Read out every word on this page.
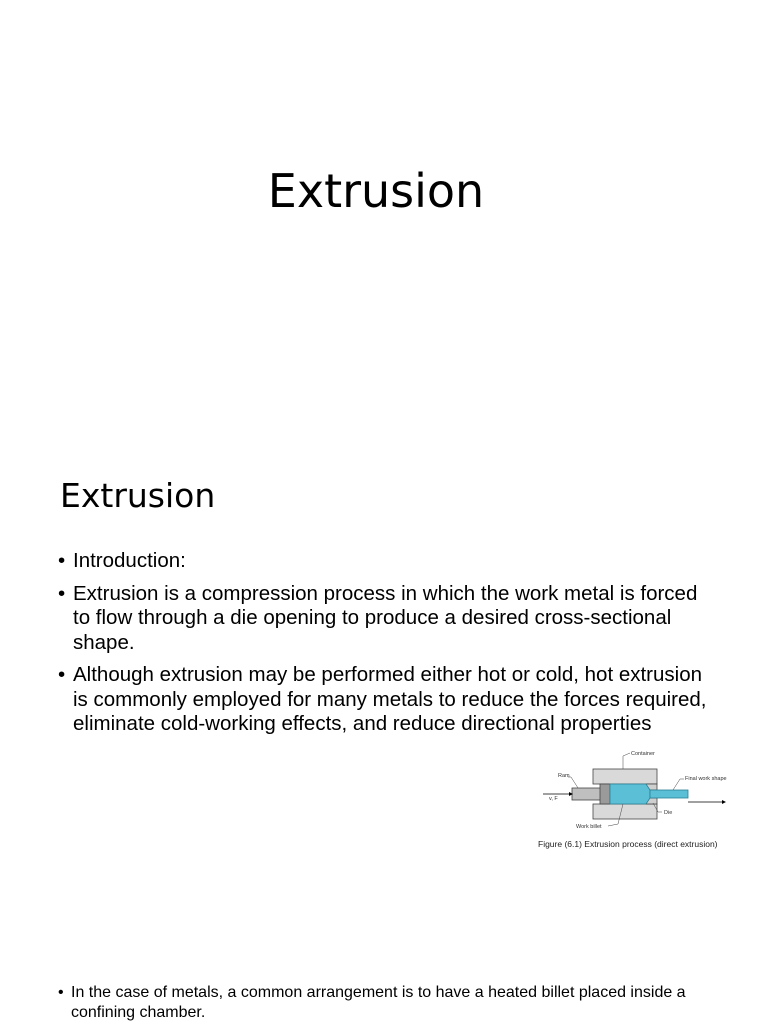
Extrusion
Extrusion
• Introduction:
• Extrusion is a compression process in which the work metal is forced to flow through a die opening to produce a desired cross-sectional shape.
• Although extrusion may be performed either hot or cold, hot extrusion is commonly employed for many metals to reduce the forces required, eliminate cold-working effects, and reduce directional properties
Container
Ram
v, F
Final work shape
Die
Work billet
Figure (6.1) Extrusion process (direct extrusion)
• In the case of metals, a common arrangement is to have a heated billet placed inside a confining chamber.
